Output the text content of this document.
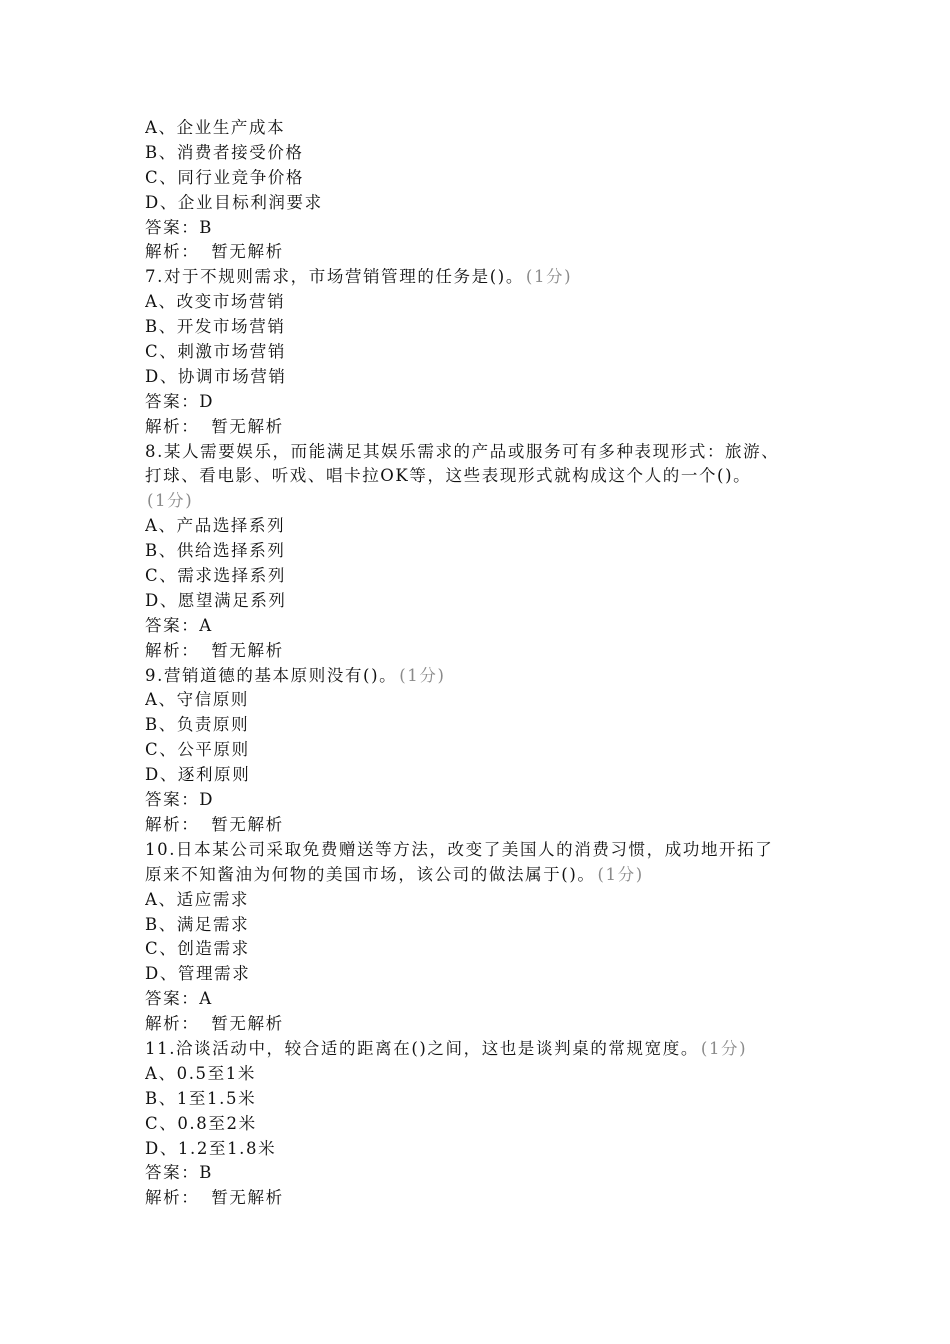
A、企业生产成本
B、消费者接受价格
C、同行业竞争价格
D、企业目标利润要求
答案：B
解析： 暂无解析
7.对于不规则需求，市场营销管理的任务是()。 (1分)
A、改变市场营销
B、开发市场营销
C、刺激市场营销
D、协调市场营销
答案：D
解析： 暂无解析
8.某人需要娱乐，而能满足其娱乐需求的产品或服务可有多种表现形式：旅游、
打球、看电影、听戏、唱卡拉OK等，这些表现形式就构成这个人的一个()。
(1分)
A、产品选择系列
B、供给选择系列
C、需求选择系列
D、愿望满足系列
答案：A
解析： 暂无解析
9.营销道德的基本原则没有()。 (1分)
A、守信原则
B、负责原则
C、公平原则
D、逐利原则
答案：D
解析： 暂无解析
10.日本某公司采取免费赠送等方法，改变了美国人的消费习惯，成功地开拓了
原来不知酱油为何物的美国市场，该公司的做法属于()。 (1分)
A、适应需求
B、满足需求
C、创造需求
D、管理需求
答案：A
解析： 暂无解析
11.洽谈活动中，较合适的距离在()之间，这也是谈判桌的常规宽度。 (1分)
A、0.5至1米
B、1至1.5米
C、0.8至2米
D、1.2至1.8米
答案：B
解析： 暂无解析
